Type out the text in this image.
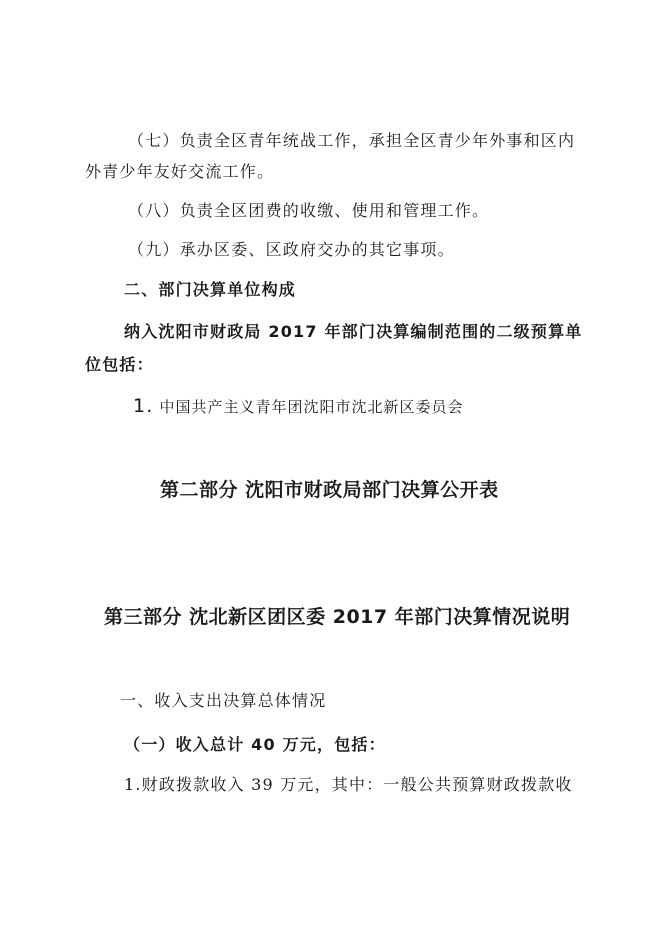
（七）负责全区青年统战工作，承担全区青少年外事和区内
外青少年友好交流工作。
（八）负责全区团费的收缴、使用和管理工作。
（九）承办区委、区政府交办的其它事项。
二、部门决算单位构成
纳入沈阳市财政局 2017 年部门决算编制范围的二级预算单
位包括：
1. 中国共产主义青年团沈阳市沈北新区委员会
第二部分 沈阳市财政局部门决算公开表
第三部分 沈北新区团区委 2017 年部门决算情况说明
一、收入支出决算总体情况
（一）收入总计 40 万元，包括：
1.财政拨款收入 39 万元，其中：一般公共预算财政拨款收
